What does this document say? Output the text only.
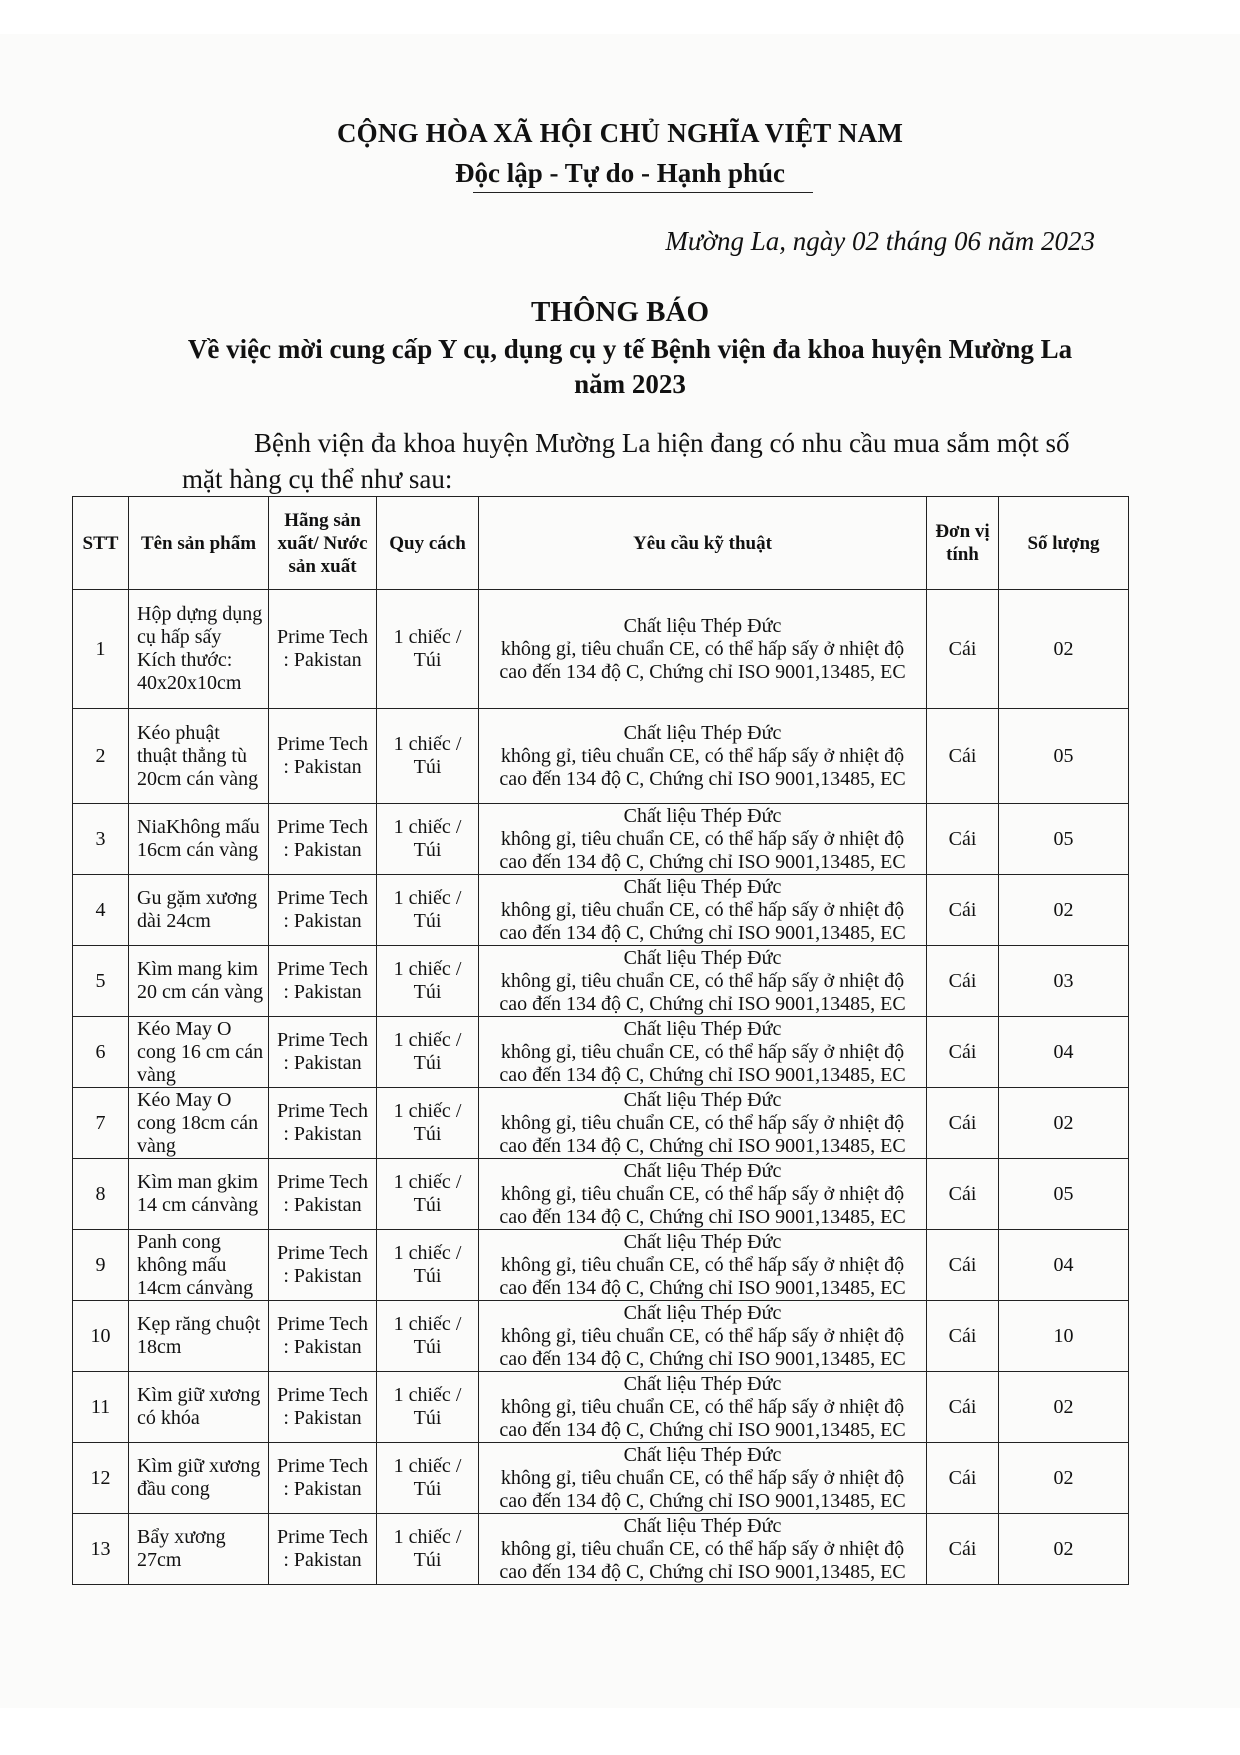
CỘNG HÒA XÃ HỘI CHỦ NGHĨA VIỆT NAM
Độc lập - Tự do - Hạnh phúc
Mường La, ngày 02 tháng 06 năm 2023
THÔNG BÁO
Về việc mời cung cấp Y cụ, dụng cụ y tế Bệnh viện đa khoa huyện Mường La năm 2023
Bệnh viện đa khoa huyện Mường La hiện đang có nhu cầu mua sắm một số mặt hàng cụ thể như sau:
STT	Tên sản phẩm	Hãng sản xuất/ Nước sản xuất	Quy cách	Yêu cầu kỹ thuật	Đơn vị tính	Số lượng
1	Hộp dựng dụng cụ hấp sấy Kích thước: 40x20x10cm	Prime Tech : Pakistan	1 chiếc / Túi	Chất liệu Thép Đức
không gỉ, tiêu chuẩn CE, có thể hấp sấy ở nhiệt độ
cao đến 134 độ C, Chứng chỉ ISO 9001,13485, EC	Cái	02
2	Kéo phuật thuật thẳng tù 20cm cán vàng	Prime Tech : Pakistan	1 chiếc / Túi	Chất liệu Thép Đức
không gỉ, tiêu chuẩn CE, có thể hấp sấy ở nhiệt độ
cao đến 134 độ C, Chứng chỉ ISO 9001,13485, EC	Cái	05
3	NiaKhông mấu 16cm cán vàng	Prime Tech : Pakistan	1 chiếc / Túi	Chất liệu Thép Đức
không gỉ, tiêu chuẩn CE, có thể hấp sấy ở nhiệt độ
cao đến 134 độ C, Chứng chỉ ISO 9001,13485, EC	Cái	05
4	Gu gặm xương dài 24cm	Prime Tech : Pakistan	1 chiếc / Túi	Chất liệu Thép Đức
không gỉ, tiêu chuẩn CE, có thể hấp sấy ở nhiệt độ
cao đến 134 độ C, Chứng chỉ ISO 9001,13485, EC	Cái	02
5	Kìm mang kim 20 cm cán vàng	Prime Tech : Pakistan	1 chiếc / Túi	Chất liệu Thép Đức
không gỉ, tiêu chuẩn CE, có thể hấp sấy ở nhiệt độ
cao đến 134 độ C, Chứng chỉ ISO 9001,13485, EC	Cái	03
6	Kéo May O cong 16 cm cán vàng	Prime Tech : Pakistan	1 chiếc / Túi	Chất liệu Thép Đức
không gỉ, tiêu chuẩn CE, có thể hấp sấy ở nhiệt độ
cao đến 134 độ C, Chứng chỉ ISO 9001,13485, EC	Cái	04
7	Kéo May O cong 18cm cán vàng	Prime Tech : Pakistan	1 chiếc / Túi	Chất liệu Thép Đức
không gỉ, tiêu chuẩn CE, có thể hấp sấy ở nhiệt độ
cao đến 134 độ C, Chứng chỉ ISO 9001,13485, EC	Cái	02
8	Kìm man gkim 14 cm cánvàng	Prime Tech : Pakistan	1 chiếc / Túi	Chất liệu Thép Đức
không gỉ, tiêu chuẩn CE, có thể hấp sấy ở nhiệt độ
cao đến 134 độ C, Chứng chỉ ISO 9001,13485, EC	Cái	05
9	Panh cong không mấu 14cm cánvàng	Prime Tech : Pakistan	1 chiếc / Túi	Chất liệu Thép Đức
không gỉ, tiêu chuẩn CE, có thể hấp sấy ở nhiệt độ
cao đến 134 độ C, Chứng chỉ ISO 9001,13485, EC	Cái	04
10	Kẹp răng chuột 18cm	Prime Tech : Pakistan	1 chiếc / Túi	Chất liệu Thép Đức
không gỉ, tiêu chuẩn CE, có thể hấp sấy ở nhiệt độ
cao đến 134 độ C, Chứng chỉ ISO 9001,13485, EC	Cái	10
11	Kìm giữ xương có khóa	Prime Tech : Pakistan	1 chiếc / Túi	Chất liệu Thép Đức
không gỉ, tiêu chuẩn CE, có thể hấp sấy ở nhiệt độ
cao đến 134 độ C, Chứng chỉ ISO 9001,13485, EC	Cái	02
12	Kìm giữ xương đầu cong	Prime Tech : Pakistan	1 chiếc / Túi	Chất liệu Thép Đức
không gỉ, tiêu chuẩn CE, có thể hấp sấy ở nhiệt độ
cao đến 134 độ C, Chứng chỉ ISO 9001,13485, EC	Cái	02
13	Bẩy xương 27cm	Prime Tech : Pakistan	1 chiếc / Túi	Chất liệu Thép Đức
không gỉ, tiêu chuẩn CE, có thể hấp sấy ở nhiệt độ
cao đến 134 độ C, Chứng chỉ ISO 9001,13485, EC	Cái	02
